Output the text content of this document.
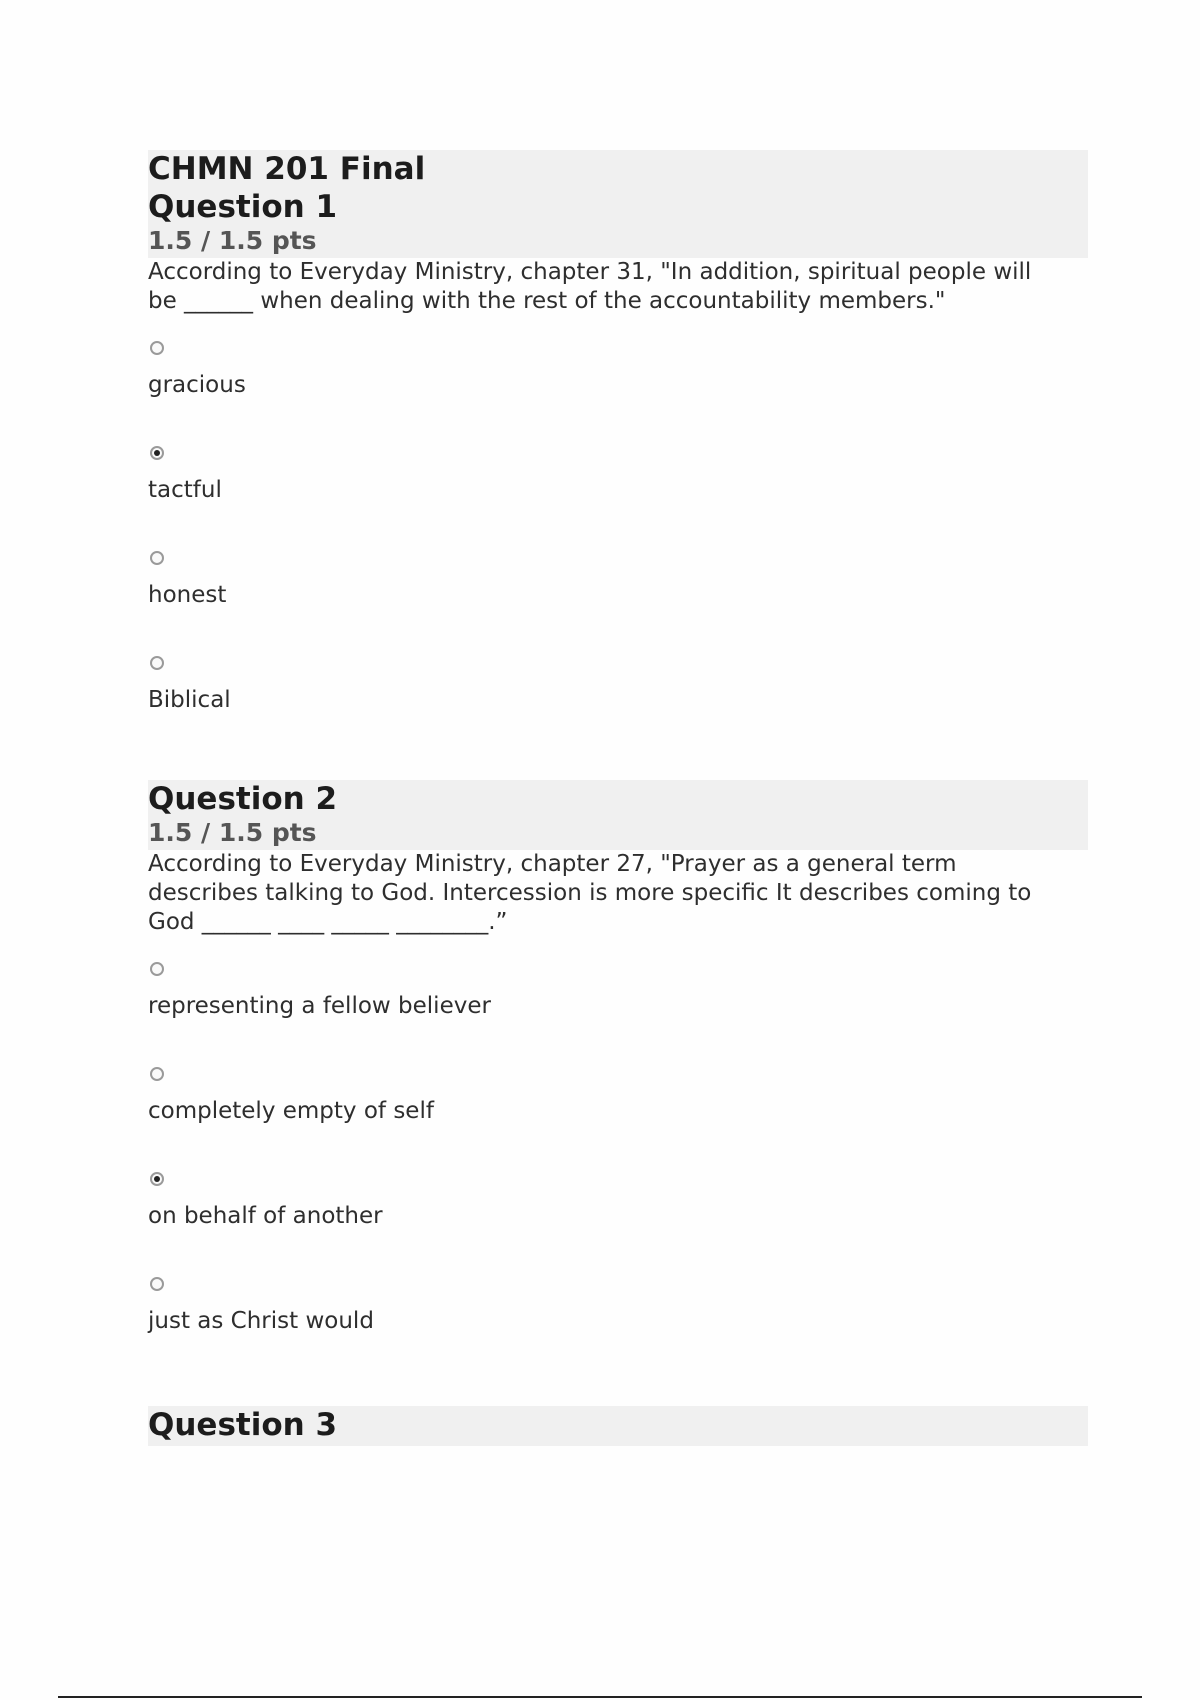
CHMN 201 Final
Question 1
1.5 / 1.5 pts
According to Everyday Ministry, chapter 31, "In addition, spiritual people will
be ______ when dealing with the rest of the accountability members."
gracious
tactful
honest
Biblical
Question 2
1.5 / 1.5 pts
According to Everyday Ministry, chapter 27, "Prayer as a general term
describes talking to God. Intercession is more specific It describes coming to
God ______ ____ _____ ________.”
representing a fellow believer
completely empty of self
on behalf of another
just as Christ would
Question 3
